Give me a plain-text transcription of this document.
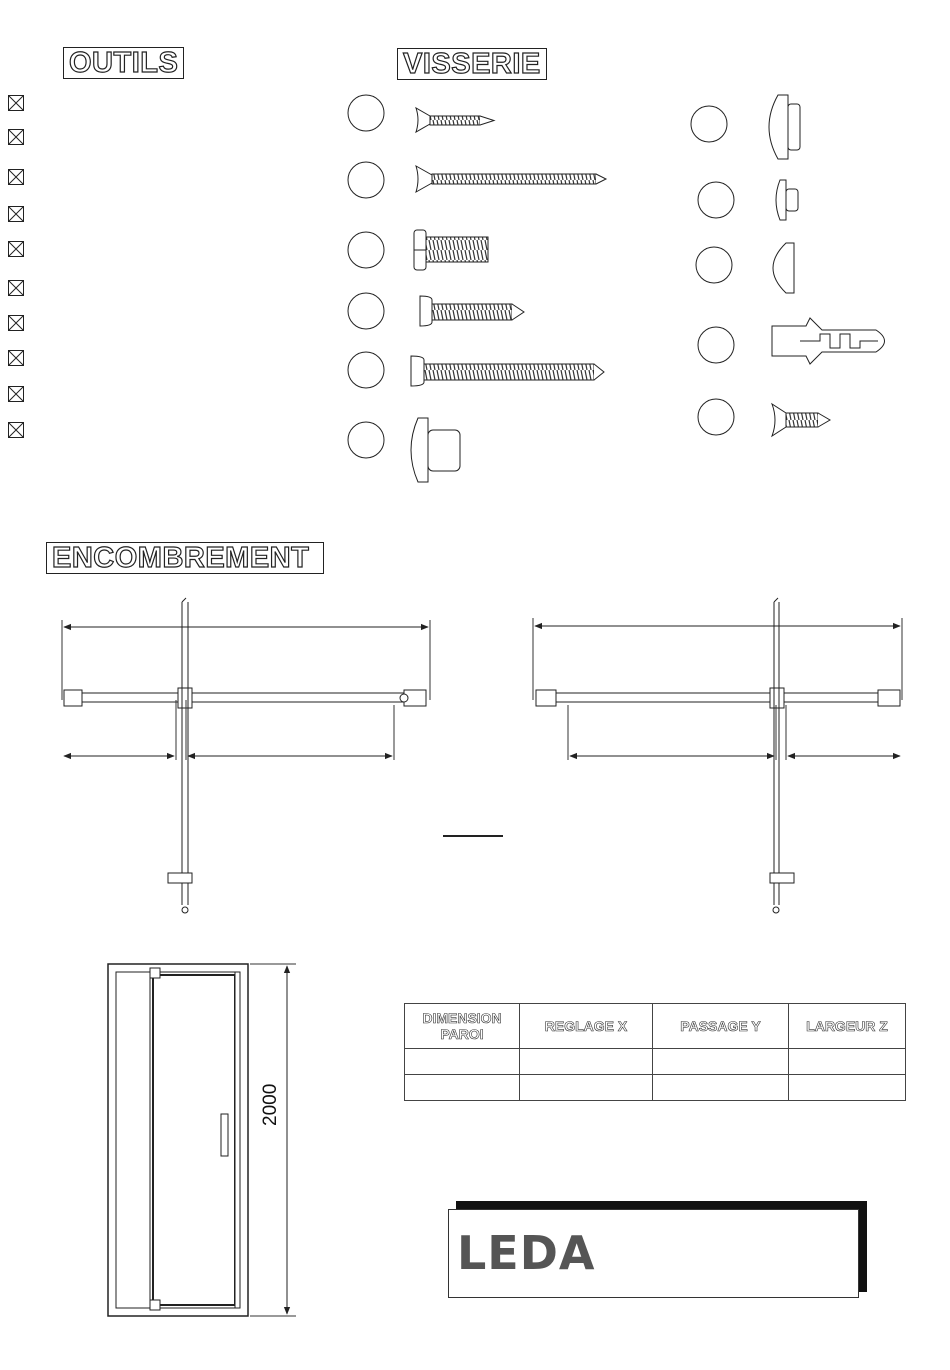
OUTILS	VISSERIE
ENCOMBREMENT
2000
DIMENSION
PAROI	REGLAGE X	PASSAGE Y	LARGEUR Z

LEDA
